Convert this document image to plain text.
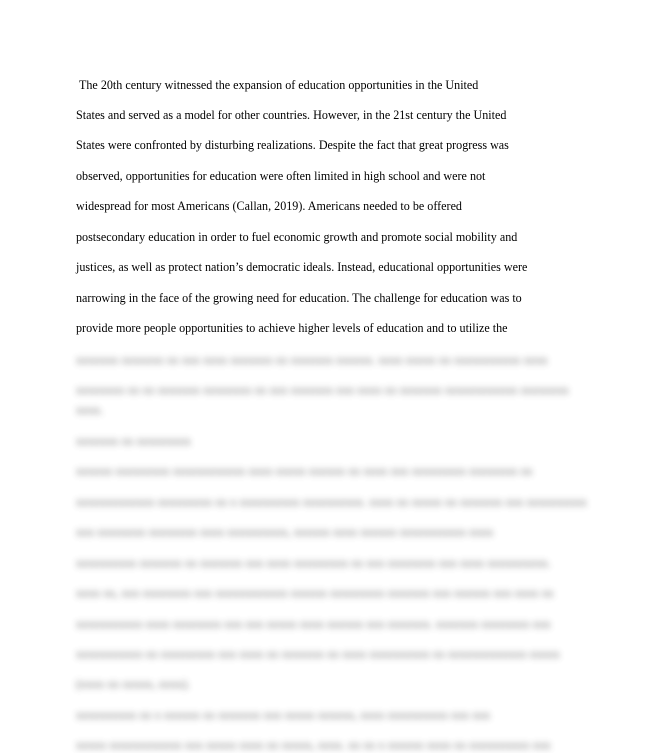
The 20th century witnessed the expansion of education opportunities in the United
States and served as a model for other countries. However, in the 21st century the United
States were confronted by disturbing realizations. Despite the fact that great progress was
observed, opportunities for education were often limited in high school and were not
widespread for most Americans (Callan, 2019). Americans needed to be offered
postsecondary education in order to fuel economic growth and promote social mobility and
justices, as well as protect nation’s democratic ideals. Instead, educational opportunities were
narrowing in the face of the growing need for education. The challenge for education was to
provide more people opportunities to achieve higher levels of education and to utilize the
xxxxxxx xxxxxxx xx xxx xxxx xxxxxxx xx xxxxxxx xxxxxx. xxxx xxxxx xx xxxxxxxxxxx xxxx
xxxxxxxx xx xx xxxxxxx xxxxxxxx xx xxx xxxxxxx xxx xxxx xx xxxxxxx xxxxxxxxxxxx xxxxxxxx
xxxx.
xxxxxxx xx xxxxxxxxx
xxxxxx xxxxxxxxx xxxxxxxxxxxx xxxx xxxxx xxxxxx xx xxxx xxx xxxxxxxxx xxxxxxxx xx
xxxxxxxxxxxxx xxxxxxxxx xx x xxxxxxxxxx xxxxxxxxxx. xxxx xx xxxxx xx xxxxxxx xxx xxxxxxxxxx
xxx xxxxxxxx xxxxxxxx xxxx xxxxxxxxxx, xxxxxx xxxx xxxxxx xxxxxxxxxxx xxxx
xxxxxxxxxx xxxxxxx xx xxxxxxx xxx xxxx xxxxxxxxx xx xxx xxxxxxxx xxx xxxx xxxxxxxxxx.
xxxx xx, xxx xxxxxxxx xxx xxxxxxxxxxxx xxxxxx xxxxxxxxx xxxxxxx xxx xxxxxx xxx xxxx xx
xxxxxxxxxxx xxxx xxxxxxxx xxx xxx xxxxx xxxx xxxxxx xxx xxxxxxx. xxxxxxx xxxxxxxx xxx
xxxxxxxxxxx xx xxxxxxxxx xxx xxxx xx xxxxxxx xx xxxx xxxxxxxxxx xx xxxxxxxxxxxxx xxxxx
(xxxx xx xxxxx, xxxx).
xxxxxxxxxx xx x xxxxxx xx xxxxxxx xxx xxxxx xxxxxx, xxxx xxxxxxxxxx xxx xxx
xxxxx xxxxxxxxxxxx xxx xxxxx xxxx xx xxxxx, xxxx. xx xx x xxxxxx xxxx xx xxxxxxxxxx xxx
